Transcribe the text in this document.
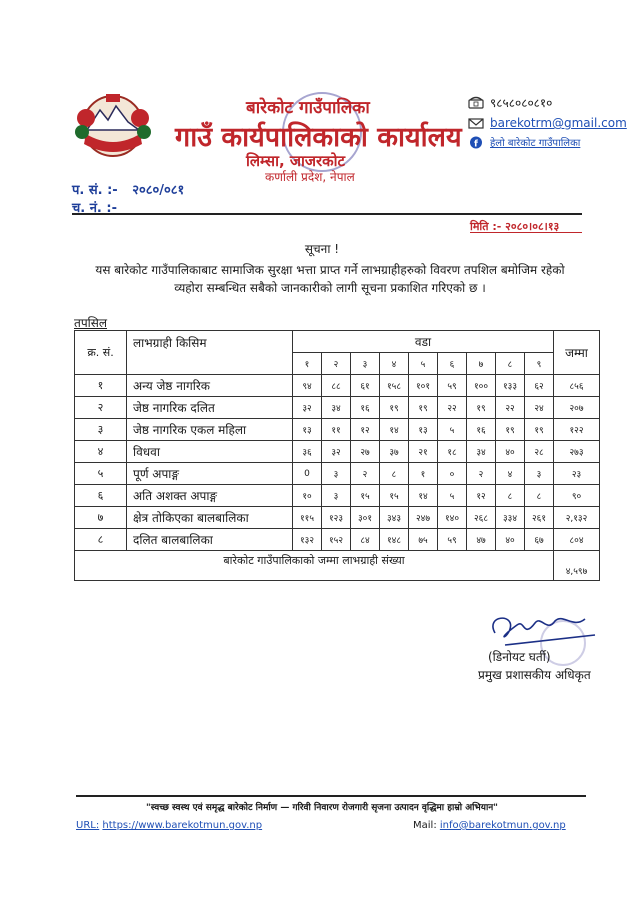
बारेकोट गाउँपालिका
गाउँ कार्यपालिकाको कार्यालय
लिम्सा, जाजरकोट
कर्णाली प्रदेश, नेपाल
९८५८०८०८१०
barekotrm@gmail.com
f हेलो बारेकोट गाउँपालिका
प. सं. :- २०८०/०८१
च. नं. :-
मिति :- २०८०।०८।१३
सूचना !
यस बारेकोट गाउँपालिकाबाट सामाजिक सुरक्षा भत्ता प्राप्त गर्ने लाभग्राहीहरुको विवरण तपशिल बमोजिम रहेको व्यहोरा सम्बन्धित सबैको जानकारीको लागी सूचना प्रकाशित गरिएको छ ।
तपसिल
क्र. सं.	लाभग्राही किसिम	वडा									जम्मा
		१	२	३	४	५	६	७	८	९	
१	अन्य जेष्ठ नागरिक	९४	८८	६१	१५८	१०१	५९	१००	१३३	६२	८५६
२	जेष्ठ नागरिक दलित	३२	३४	१६	१९	१९	२२	१९	२२	२४	२०७
३	जेष्ठ नागरिक एकल महिला	१३	११	१२	१४	१३	५	१६	१९	१९	१२२
४	विधवा	३६	३२	२७	३७	२१	१८	३४	४०	२८	२७३
५	पूर्ण अपाङ्ग	0	३	२	८	१	०	२	४	३	२३
६	अति अशक्त अपाङ्ग	१०	३	१५	१५	१४	५	१२	८	८	९०
७	क्षेत्र तोकिएका बालबालिका	११५	१२३	३०१	३४३	२४७	१४०	२६८	३३४	२६१	२,१३२
८	दलित बालबालिका	१३२	१५२	८४	१४८	७५	५९	४७	४०	६७	८०४
बारेकोट गाउँपालिकाको जम्मा लाभग्राही संख्या											४,५९७
(डिनोयट घर्ती)
प्रमुख प्रशासकीय अधिकृत
"स्वच्छ स्वस्थ एवं समृद्ध बारेकोट निर्माण — गरिवी निवारण रोजगारी सृजना उत्पादन वृद्धिमा हाम्रो अभियान"
URL: https://www.barekotmun.gov.np	Mail: info@barekotmun.gov.np
